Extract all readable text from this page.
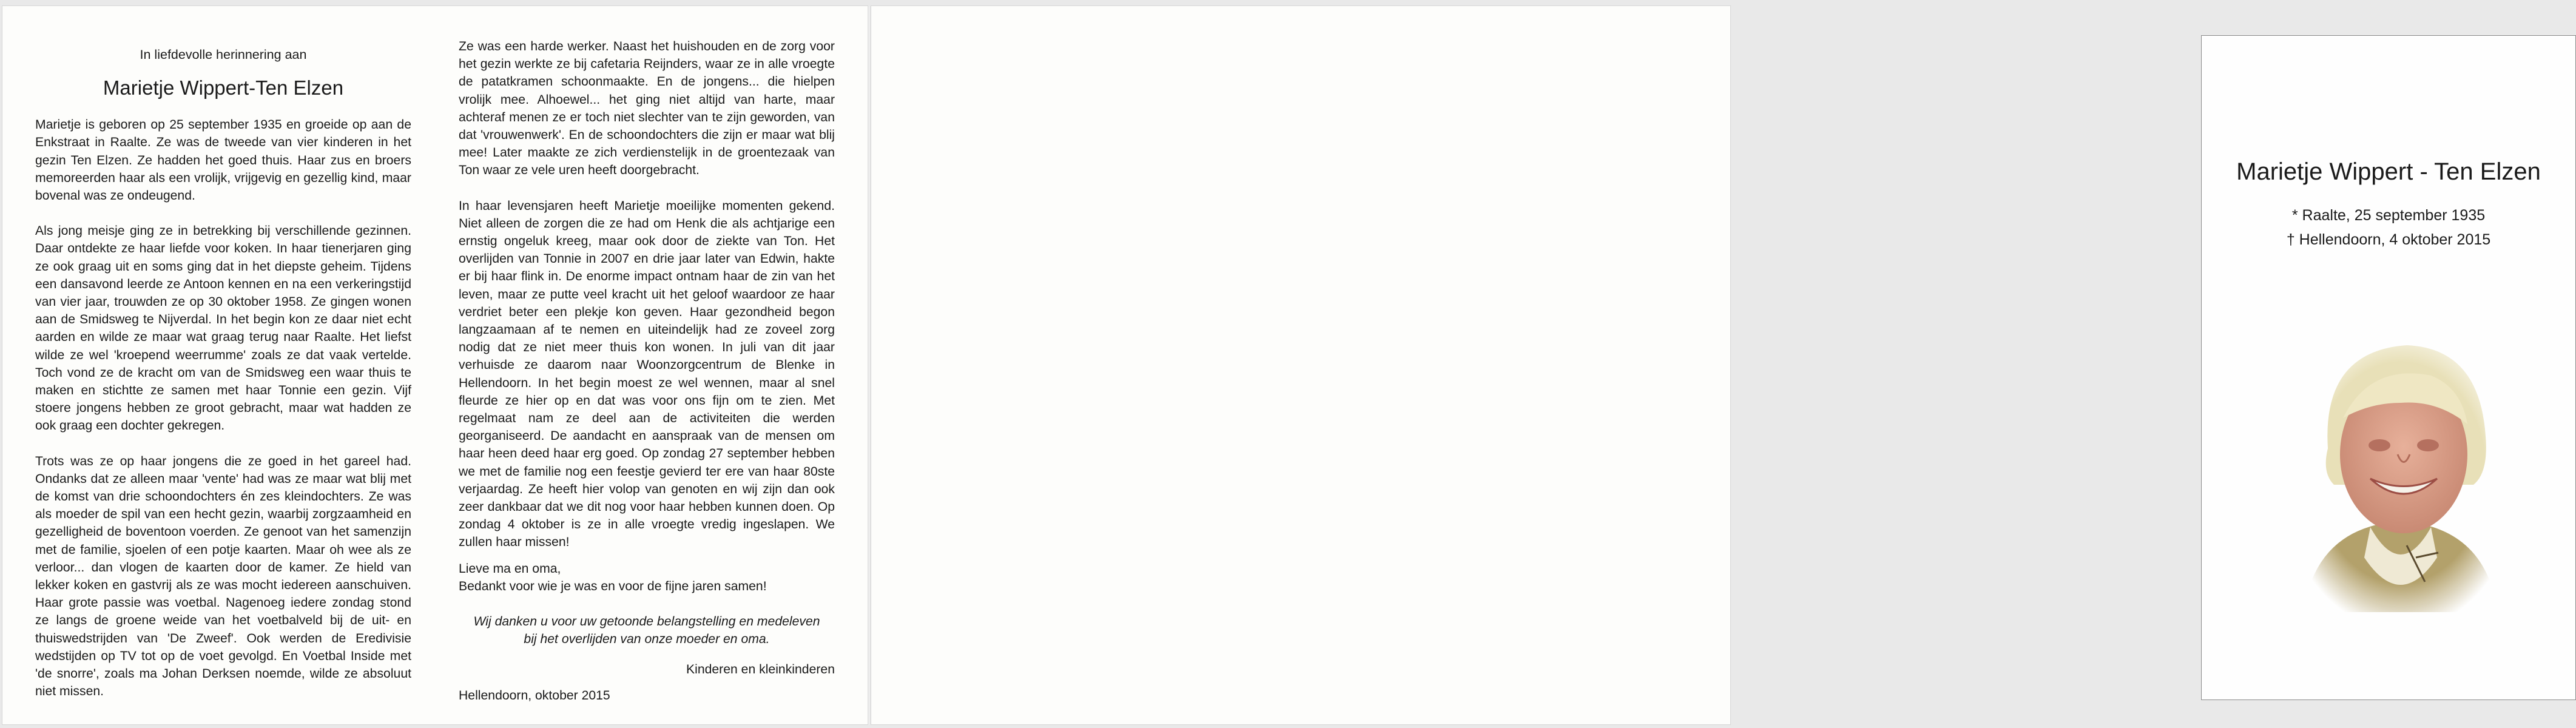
In liefdevolle herinnering aan

Marietje Wippert-Ten Elzen

Marietje is geboren op 25 september 1935 en groeide op aan de Enkstraat in Raalte. Ze was de tweede van vier kinderen in het gezin Ten Elzen. Ze hadden het goed thuis. Haar zus en broers memoreerden haar als een vrolijk, vrijgevig en gezellig kind, maar bovenal was ze ondeugend.

Als jong meisje ging ze in betrekking bij verschillende gezinnen. Daar ontdekte ze haar liefde voor koken. In haar tienerjaren ging ze ook graag uit en soms ging dat in het diepste geheim. Tijdens een dansavond leerde ze Antoon kennen en na een verkeringstijd van vier jaar, trouwden ze op 30 oktober 1958. Ze gingen wonen aan de Smidsweg te Nijverdal. In het begin kon ze daar niet echt aarden en wilde ze maar wat graag terug naar Raalte. Het liefst wilde ze wel 'kroepend weerrumme' zoals ze dat vaak vertelde. Toch vond ze de kracht om van de Smidsweg een waar thuis te maken en stichtte ze samen met haar Tonnie een gezin. Vijf stoere jongens hebben ze groot gebracht, maar wat hadden ze ook graag een dochter gekregen.

Trots was ze op haar jongens die ze goed in het gareel had. Ondanks dat ze alleen maar 'vente' had was ze maar wat blij met de komst van drie schoondochters én zes kleindochters. Ze was als moeder de spil van een hecht gezin, waarbij zorgzaamheid en gezelligheid de boventoon voerden. Ze genoot van het samenzijn met de familie, sjoelen of een potje kaarten. Maar oh wee als ze verloor... dan vlogen de kaarten door de kamer. Ze hield van lekker koken en gastvrij als ze was mocht iedereen aanschuiven. Haar grote passie was voetbal. Nagenoeg iedere zondag stond ze langs de groene weide van het voetbalveld bij de uit- en thuiswedstrijden van 'De Zweef'. Ook werden de Eredivisie wedstijden op TV tot op de voet gevolgd. En Voetbal Inside met 'de snorre', zoals ma Johan Derksen noemde, wilde ze absoluut niet missen.

Ze was een harde werker. Naast het huishouden en de zorg voor het gezin werkte ze bij cafetaria Reijnders, waar ze in alle vroegte de patatkramen schoonmaakte. En de jongens... die hielpen vrolijk mee. Alhoewel... het ging niet altijd van harte, maar achteraf menen ze er toch niet slechter van te zijn geworden, van dat 'vrouwenwerk'. En de schoondochters die zijn er maar wat blij mee! Later maakte ze zich verdienstelijk in de groentezaak van Ton waar ze vele uren heeft doorgebracht.

In haar levensjaren heeft Marietje moeilijke momenten gekend. Niet alleen de zorgen die ze had om Henk die als achtjarige een ernstig ongeluk kreeg, maar ook door de ziekte van Ton. Het overlijden van Tonnie in 2007 en drie jaar later van Edwin, hakte er bij haar flink in. De enorme impact ontnam haar de zin van het leven, maar ze putte veel kracht uit het geloof waardoor ze haar verdriet beter een plekje kon geven. Haar gezondheid begon langzaamaan af te nemen en uiteindelijk had ze zoveel zorg nodig dat ze niet meer thuis kon wonen. In juli van dit jaar verhuisde ze daarom naar Woonzorgcentrum de Blenke in Hellendoorn. In het begin moest ze wel wennen, maar al snel fleurde ze hier op en dat was voor ons fijn om te zien. Met regelmaat nam ze deel aan de activiteiten die werden georganiseerd. De aandacht en aanspraak van de mensen om haar heen deed haar erg goed. Op zondag 27 september hebben we met de familie nog een feestje gevierd ter ere van haar 80ste verjaardag. Ze heeft hier volop van genoten en wij zijn dan ook zeer dankbaar dat we dit nog voor haar hebben kunnen doen. Op zondag 4 oktober is ze in alle vroegte vredig ingeslapen. We zullen haar missen!

Lieve ma en oma,
Bedankt voor wie je was en voor de fijne jaren samen!

Wij danken u voor uw getoonde belangstelling en medeleven
bij het overlijden van onze moeder en oma.

Kinderen en kleinkinderen

Hellendoorn, oktober 2015

Marietje Wippert - Ten Elzen
* Raalte, 25 september 1935
† Hellendoorn, 4 oktober 2015
